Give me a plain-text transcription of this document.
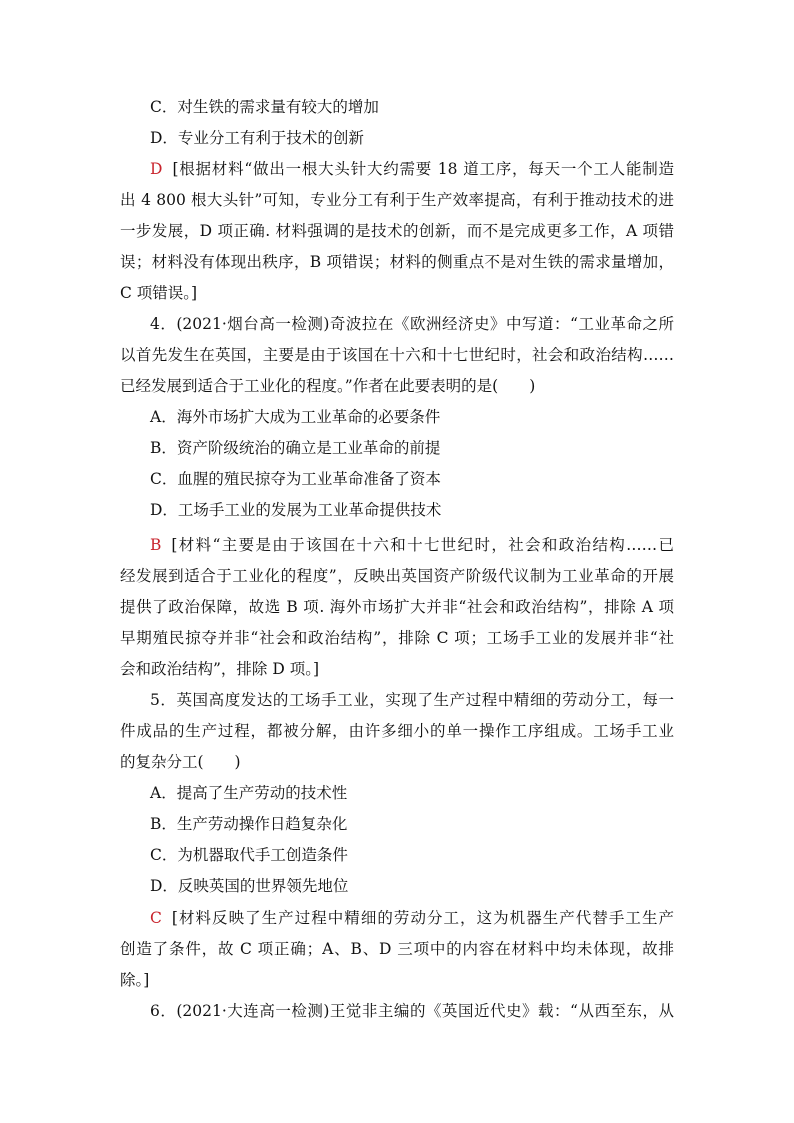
C．对生铁的需求量有较大的增加

D．专业分工有利于技术的创新

D [根据材料“做出一根大头针大约需要 18 道工序，每天一个工人能制造

出 4 800 根大头针”可知，专业分工有利于生产效率提高，有利于推动技术的进

一步发展，D 项正确. 材料强调的是技术的创新，而不是完成更多工作，A 项错

误；材料没有体现出秩序，B 项错误；材料的侧重点不是对生铁的需求量增加，

C 项错误。]

4．(2021·烟台高一检测)奇波拉在《欧洲经济史》中写道：“工业革命之所

以首先发生在英国，主要是由于该国在十六和十七世纪时，社会和政治结构……

已经发展到适合于工业化的程度。”作者在此要表明的是(　　)

A．海外市场扩大成为工业革命的必要条件

B．资产阶级统治的确立是工业革命的前提

C．血腥的殖民掠夺为工业革命准备了资本

D．工场手工业的发展为工业革命提供技术

B [材料“主要是由于该国在十六和十七世纪时，社会和政治结构……已

经发展到适合于工业化的程度”，反映出英国资产阶级代议制为工业革命的开展

提供了政治保障，故选 B 项. 海外市场扩大并非“社会和政治结构”，排除 A 项

早期殖民掠夺并非“社会和政治结构”，排除 C 项；工场手工业的发展并非“社

会和政治结构”，排除 D 项。]

5．英国高度发达的工场手工业，实现了生产过程中精细的劳动分工，每一

件成品的生产过程，都被分解，由许多细小的单一操作工序组成。工场手工业

的复杂分工(　　)

A．提高了生产劳动的技术性

B．生产劳动操作日趋复杂化

C．为机器取代手工创造条件

D．反映英国的世界领先地位

C [材料反映了生产过程中精细的劳动分工，这为机器生产代替手工生产

创造了条件，故 C 项正确；A、B、D 三项中的内容在材料中均未体现，故排

除。]

6．(2021·大连高一检测)王觉非主编的《英国近代史》载：“从西至东，从
